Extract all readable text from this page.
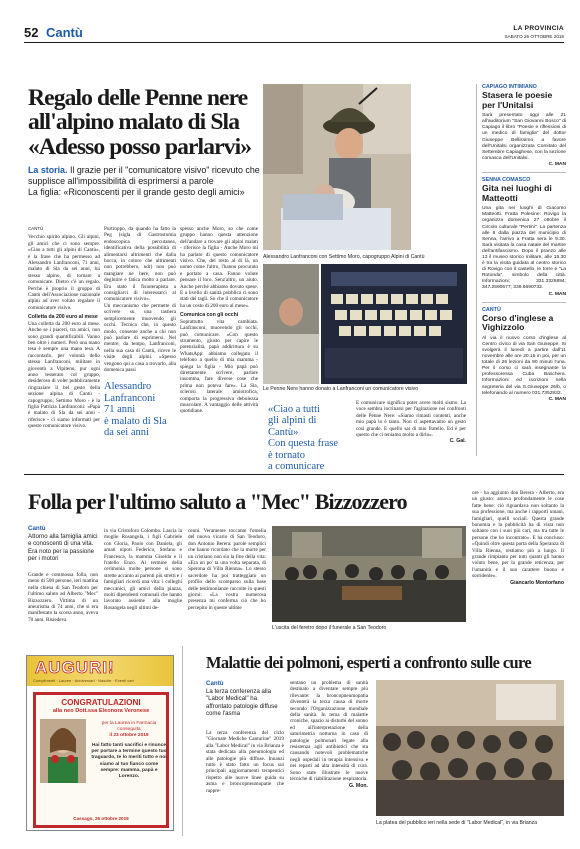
52 Cantù	LA PROVINCIA
SABATO 26 OTTOBRE 2019
Regalo delle Penne nere
all'alpino malato di Sla
«Adesso posso parlarvi»
Alessandro Lanfranconi con Settimo Moro, capogruppo Alpini di Cantù
Le Penne Nere hanno donato a Lanfranconi un comunicatore visivo
La storia. Il grazie per il "comunicatore visivo" ricevuto che supplisce all'impossibilità di esprimersi a parole
La figlia: «Riconoscenti per il grande gesto degli amici»
CANTÙ

Vecchio spirito alpino. Gli alpini, gli amici che ci sono sempre. «Ciao a tutti gli alpini di Cantù», è la frase che ha permesso ad Alessandro Lanfranconi, 71 anni, malato di Sla da sei anni, lui stesso alpino, di tornare a comunicare. Dietro c'è un regalo. Perché è proprio il gruppo di Cantù dell'Associazione nazionale alpini ad aver voluto regalare il comunicatore visivo.

Colletta da 200 euro al mese

Una colletta da 200 euro al mese. Anche se i piaceri, tra amici, non sono grandi quantificabili. Vanno ben oltre i numeri. Però una mano tesa è sempre una mano tesa. A raccontarlo, per volontà dello stesso Lanfranconi, militare in gioventù a Vipiteno, pur ogni anno tesserato col gruppo, desideroso di voler pubblicamente ringraziare il bel gesto della sezione alpina di Cantù - capogruppo, Settimo Moro - è la figlia Patrizia Lanfranconi: «Papà è malato di Sla da sei anni - riferisce - ci siamo informati per questo comunicatore visivo.

Purtroppo, da quando ha fatto la Peg (sigla di Gastrostomia endoscopica percutanea, identificativa della possibilità di alimentarsi altrimenti che dalla bocca, in coloro che altrimenti non potrebbero, ndr) non può mangiare ne bere, non può deglutire e fatica molto a parlare. Era stato il fisioterapista a consigliarci di interessarci al comunicatore visivo».

Un meccanismo che permette di scrivere su una tastiera semplicemente muovendo gli occhi. Tecnica che, in questo modo, consente anche a chi non può parlare di esprimersi. Nel mentre, da tempo, Lanfranconi, nella sua casa di Cantù, riceve le visite degli alpini. «Spesso vengono qui a casa a trovarlo, alla domenica passi

Alessandro
Lanfranconi
71 anni
è malato di Sla
da sei anni

spesso anche Moro, so che come gruppo hanno questa attenzione dell'andare a trovare gli alpini malati - riferisce la figlia - Anche Moro mi ha parlato di questo comunicatore visivo. Che, del resto al di là, un uomo come l'altro, l'hanno procurato e portato a casa. Fanno volute pensare il loro. Senz'altro, un aiuto. Anche perché abbiamo dovuto spese. E a livello di sanità pubblica ci sono stati dei tagli. So che il comunicatore ha un costo di 200 euro al mese».

Comunica con gli occhi

Soprattutto vita cambiata. Lanfranconi, muovendo gli occhi, può comunicare. «Con questo strumento, giusto per capire le potenzialità, papà addirittura è su WhatsApp: abbiamo collegato il telefono a quello di mia mamma - spiega la figlia - Mio papà può direttamente scrivere, parlare insomma, fare diverse cose che prima non poteva fare». La Sla, sclerosi laterale amiotrofica, comporta la progressiva debolezza muscolare. A vantaggio delle attività quotidiane.	«Ciao a tutti
gli alpini di Cantù»
Con questa frase
è tornato
a comunicare

E comunicare significa poter avere molti sismo. La voce sembra incrinarsi per l'agitazione nei confronti delle Penne Nere: «Siamo rimasti contenti, anche mio papà lo è tanto. Non ci aspettavamo un gesto così grande. E quello sai di mio fratello. Ed è per questo che ci teniamo molto a dirlo».

C. Gal.

CAPIAGO INTIMIANO
Stasera le poesie per l'Unitalsi

Sarà presentato oggi alle 21 all'auditorium "San Giovanni Bosco" di Capiago il libro "Poesie e riflessioni di un medico di famiglia" del dottor Giuseppe Bellissimo a favore dell'Unitalsi organizzata Comitato del Settembre Capiaghese, con la sezione comasca dell'Unitalsi.

C. MAN

SENNA COMASCO
Gita nei luoghi di Matteotti

Una gita nei luoghi di Giacomo Matteotti. Fratta Polesine: Rovigo la organizza domenica 27 ottobre il Circolo culturale "Pertini". La partenza alle 6 dalla piazza del municipio di Senna, l'arrivo a Fratta sera le 9.30. Sarà visitata la casa natale del martire dell'antifascismo. Dopo il pranzo alle 13 il museo storico militare, alle 15.30 è tra la visita guidata al centro storico di Rovigo con il castello, le torre e "La Rotonda", simbolo della città. Informazioni: 331.3326894; 347.2590677; 339.6690732.

C. MAN

CANTÙ
Corso d'inglese a Vighizzolo

Al via il nuovo corso d'inglese al Centro civico di via San Giuseppe. Si svolgerà il lunedì a partire dall'11 novembre alle ore 20.15 in poi, per un totale di 26 lezioni da 90 minuti l'una. Per il corso ci sarà insegnante la professoressa Cuba Baschera. Informazioni ed iscrizioni nella segreteria del via S.Giuseppe 26/b, o telefonando al numero 031.7352932.

C. MAN

Folla per l'ultimo saluto a "Mec" Bizzozzero
Cantù
Attorno alla famiglia amici e conoscenti di una vita. Era noto per la passione per i motori
Grande e commossa folla, non meno di 500 persone, ieri mattina nella chiesa di San Teodoro per l'ultimo saluto ad Alberto "Mec" Bizzozzero. Vittima di un aneurisma di 74 anni, che si era manifestato la scorsa anno, aveva 70 anni. Risiedeva
in via Cristoforo Colombo. Lascia la moglie Rosangela, i figli Gabriele con Gloria, Paolo con Daniela, gli amati nipoti Federico, Stefano e Francesca, la mamma Giselda e il fratello Enzo. Al termine della cerimonia molte persone si sono strette accanto ai parenti più stretti e i famigliari ricordi una vita: i colleghi meccanici, gli amici della piazza, molti dipendenti comunali che hanno lavorato assieme alla moglie Rosangela negli ultimi de-
cenni. Veramente toccante l'omelia del nuovo vicario di San Teodoro, don Antonio Berera: parole semplici che hanno ricordato che la morte per un cristiano non sia la fine della vita: «Era un po' ta una volta separata, di Sperona di Villa Rienna». Lo stesso sacerdote ha poi tratteggiato un profilo dello scomparso sulla base delle testimonianze raccolte in questi giorni: «La vostra numerosa presenza mi conferma ciò che ho percepito in queste ultime
L'uscita del feretro dopo il funerale a San Teodoro

ore - ha aggiunto don Berera - Alberto, era un giusto: amava profondamente le cose fatte bene: ciò riguardava non soltanto la sua professione, ma anche i rapporti umani, famigliari, quelli sociali. Questa grande bonomia e la pubblicità ha di vista non soltanto con i suoi più cari, ma tra tutte le persone che ho incontrato». E ha concluso: «Quindi oltre questa porta della Speranza di Villa Rienna, restiamo più a lungo. Il grande rimpianto per tutti quanti gli hanno voluto bene, per la grande reticenza, per l'umanità e il suo carattere buono e sorridente».

Giancarlo Montorfano

AUGURI!
Complimenti · Lauree · Anniversari · Nascite · Eventi vari
CONGRATULAZIONI
alla neo Dott.ssa Eleonora Veronese
per la Laurea in Farmacia
conseguita
il 23 ottobre 2019
Hai fatto tanti sacrifici e rinunce per portare a termine questo tuo traguardo, te lo meriti tutto e noi siamo al tuo fianco come sempre: mamma, papà e Lorenzo.
Cassago, 26 ottobre 2019
Malattie dei polmoni, esperti a confronto sulle cure
Cantù
La terza conferenza alla "Labor Medical" ha affrontato patologie diffuse come l'asma
La terza conferenza del ciclo "Giornate Mediche Canturine" 2019 alla "Labor Medical" in via Brianza è stata dedicata alla pneumologia ed alle patologie più diffuse. Innanzi tutto è stato fatto un focus sui principali aggiornamenti terapeutici rispetto alle nuove linee guida su asma e broncopneumopatie che rappre-

sentano un problema di sanità destinato a diventare sempre più rilevante: la broncopneumopatia diventerà la terza causa di morte secondo l'Organizzazione mondiale della sanità. In tema di malattie croniche, spazio ai disturbi del sonno ed all'interpretazione della saturimetria notturna in caso di patologie polmonari legate alla resistenza agli antibiotici che sta causando notevoli problematiche negli ospedali in terapia intensiva e nei reparti ad alta intensità di cura. Sono state illustrate le nuove tecniche di riabilitazione respiratoria.

G. Mon.

La platea del pubblico ieri nella sede di "Labor Medical", in via Brianza
